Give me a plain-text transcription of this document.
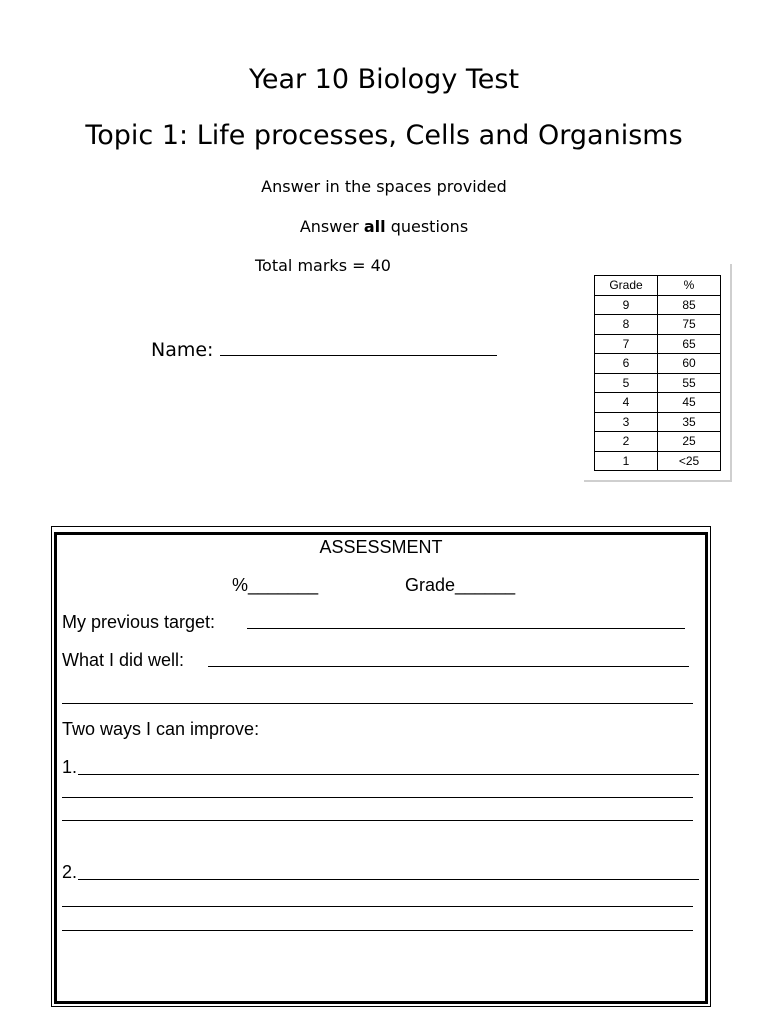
Year 10 Biology Test
Topic 1: Life processes, Cells and Organisms
Answer in the spaces provided
Answer all questions
Total marks = 40
Name:
Grade	%
9	85
8	75
7	65
6	60
5	55
4	45
3	35
2	25
1	<25
ASSESSMENT
%_______	Grade______
My previous target:
What I did well:
Two ways I can improve:
1.
2.
